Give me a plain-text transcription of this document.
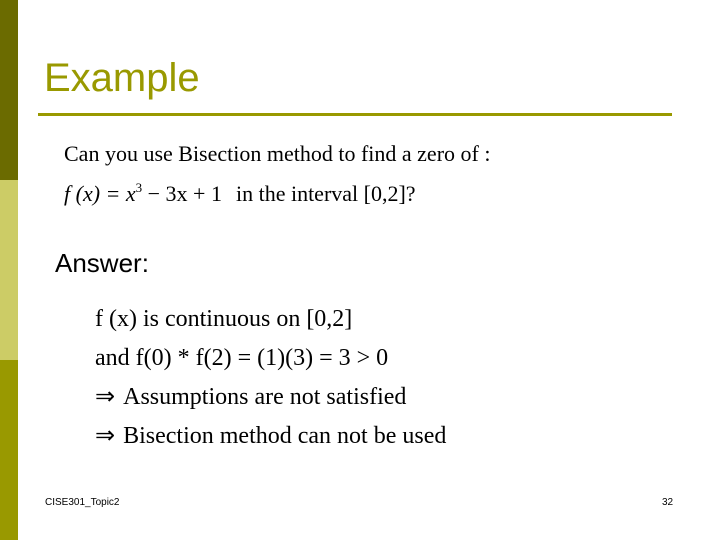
Example
Can you use Bisection method to find a zero of :
f $(x) = x^3 - 3x + 1$ in the interval [0,2]?
Answer:
f (x) is continuous on [0,2]
and f(0) * f(2) = (1)(3) = 3 > 0
⇒ Assumptions are not satisfied
⇒ Bisection method can not be used
CISE301_Topic2	32
